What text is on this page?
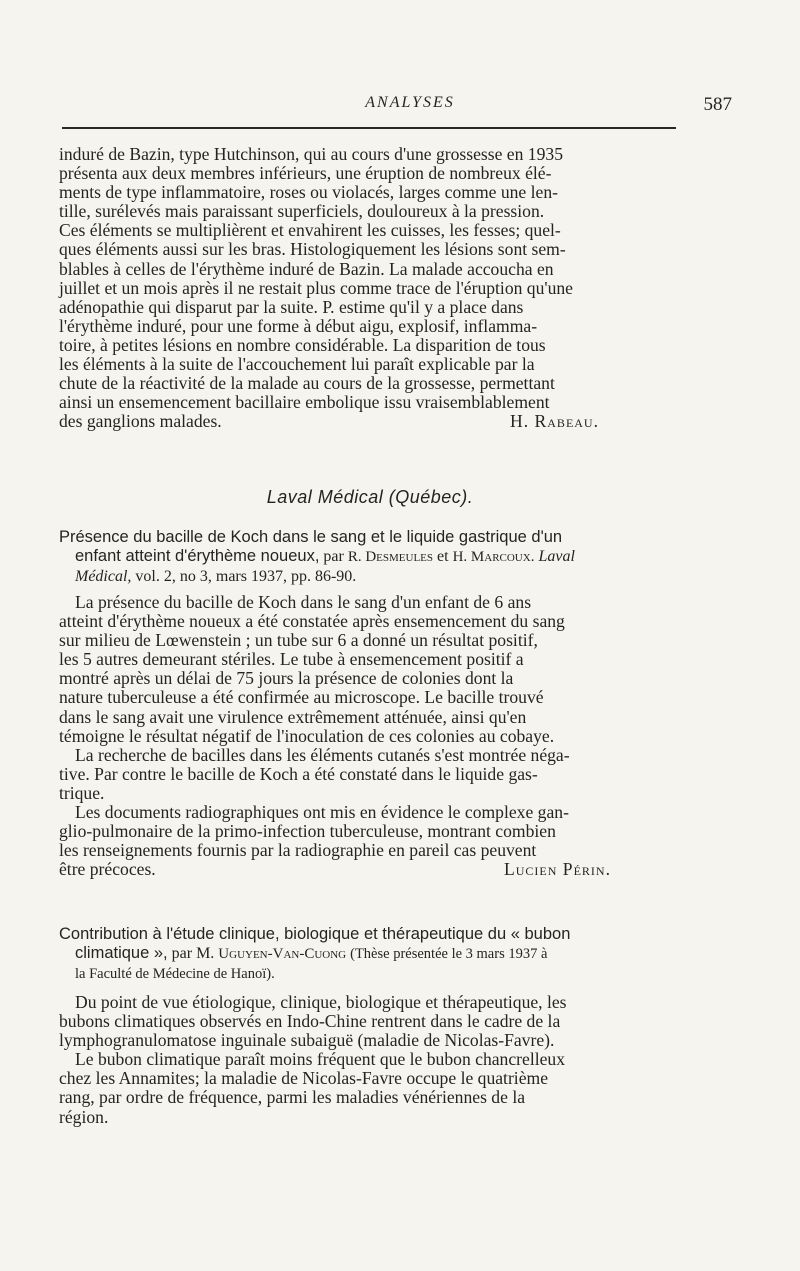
ANALYSES	587
induré de Bazin, type Hutchinson, qui au cours d'une grossesse en 1935
présenta aux deux membres inférieurs, une éruption de nombreux élé-
ments de type inflammatoire, roses ou violacés, larges comme une len-
tille, surélevés mais paraissant superficiels, douloureux à la pression.
Ces éléments se multiplièrent et envahirent les cuisses, les fesses; quel-
ques éléments aussi sur les bras. Histologiquement les lésions sont sem-
blables à celles de l'érythème induré de Bazin. La malade accoucha en
juillet et un mois après il ne restait plus comme trace de l'éruption qu'une
adénopathie qui disparut par la suite. P. estime qu'il y a place dans
l'érythème induré, pour une forme à début aigu, explosif, inflamma-
toire, à petites lésions en nombre considérable. La disparition de tous
les éléments à la suite de l'accouchement lui paraît explicable par la
chute de la réactivité de la malade au cours de la grossesse, permettant
ainsi un ensemencement bacillaire embolique issu vraisemblablement
des ganglions malades.	H. Rabeau.
Laval Médical (Québec).
Présence du bacille de Koch dans le sang et le liquide gastrique d'un
enfant atteint d'érythème noueux, par R. Desmeules et H. Marcoux. Laval
Médical, vol. 2, no 3, mars 1937, pp. 86-90.
La présence du bacille de Koch dans le sang d'un enfant de 6 ans
atteint d'érythème noueux a été constatée après ensemencement du sang
sur milieu de Lœwenstein ; un tube sur 6 a donné un résultat positif,
les 5 autres demeurant stériles. Le tube à ensemencement positif a
montré après un délai de 75 jours la présence de colonies dont la
nature tuberculeuse a été confirmée au microscope. Le bacille trouvé
dans le sang avait une virulence extrêmement atténuée, ainsi qu'en
témoigne le résultat négatif de l'inoculation de ces colonies au cobaye.
La recherche de bacilles dans les éléments cutanés s'est montrée néga-
tive. Par contre le bacille de Koch a été constaté dans le liquide gas-
trique.
Les documents radiographiques ont mis en évidence le complexe gan-
glio-pulmonaire de la primo-infection tuberculeuse, montrant combien
les renseignements fournis par la radiographie en pareil cas peuvent
être précoces.	Lucien Périn.
Contribution à l'étude clinique, biologique et thérapeutique du « bubon
climatique », par M. Uguyen-Van-Cuong (Thèse présentée le 3 mars 1937 à
la Faculté de Médecine de Hanoï).
Du point de vue étiologique, clinique, biologique et thérapeutique, les
bubons climatiques observés en Indo-Chine rentrent dans le cadre de la
lymphogranulomatose inguinale subaiguë (maladie de Nicolas-Favre).
Le bubon climatique paraît moins fréquent que le bubon chancrelleux
chez les Annamites; la maladie de Nicolas-Favre occupe le quatrième
rang, par ordre de fréquence, parmi les maladies vénériennes de la
région.
